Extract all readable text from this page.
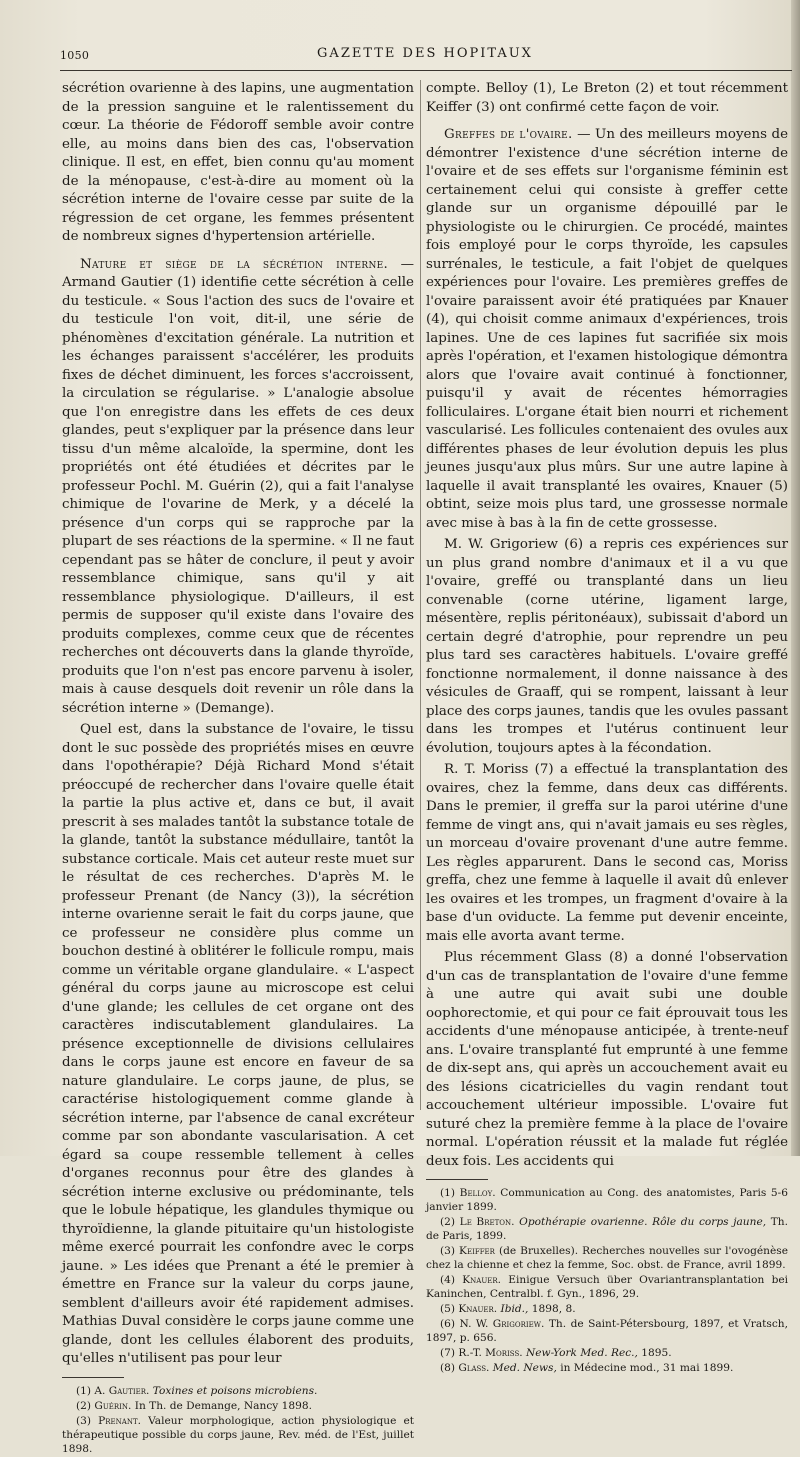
1050	GAZETTE DES HOPITAUX

sécrétion ovarienne à des lapins, une augmentation de la pression sanguine et le ralentissement du cœur. La théorie de Fédoroff semble avoir contre elle, au moins dans bien des cas, l'observation clinique. Il est, en effet, bien connu qu'au moment de la ménopause, c'est-à-dire au moment où la sécrétion interne de l'ovaire cesse par suite de la régression de cet organe, les femmes présentent de nombreux signes d'hypertension artérielle.

Nature et siège de la sécrétion interne. — Armand Gautier (1) identifie cette sécrétion à celle du testicule. « Sous l'action des sucs de l'ovaire et du testicule l'on voit, dit-il, une série de phénomènes d'excitation générale. La nutrition et les échanges paraissent s'accélérer, les produits fixes de déchet diminuent, les forces s'accroissent, la circulation se régularise. » L'analogie absolue que l'on enregistre dans les effets de ces deux glandes, peut s'expliquer par la présence dans leur tissu d'un même alcaloïde, la spermine, dont les propriétés ont été étudiées et décrites par le professeur Pochl. M. Guérin (2), qui a fait l'analyse chimique de l'ovarine de Merk, y a décelé la présence d'un corps qui se rapproche par la plupart de ses réactions de la spermine. « Il ne faut cependant pas se hâter de conclure, il peut y avoir ressemblance chimique, sans qu'il y ait ressemblance physiologique. D'ailleurs, il est permis de supposer qu'il existe dans l'ovaire des produits complexes, comme ceux que de récentes recherches ont découverts dans la glande thyroïde, produits que l'on n'est pas encore parvenu à isoler, mais à cause desquels doit revenir un rôle dans la sécrétion interne » (Demange).

Quel est, dans la substance de l'ovaire, le tissu dont le suc possède des propriétés mises en œuvre dans l'opothérapie? Déjà Richard Mond s'était préoccupé de rechercher dans l'ovaire quelle était la partie la plus active et, dans ce but, il avait prescrit à ses malades tantôt la substance totale de la glande, tantôt la substance médullaire, tantôt la substance corticale. Mais cet auteur reste muet sur le résultat de ces recherches. D'après M. le professeur Prenant (de Nancy (3)), la sécrétion interne ovarienne serait le fait du corps jaune, que ce professeur ne considère plus comme un bouchon destiné à oblitérer le follicule rompu, mais comme un véritable organe glandulaire. « L'aspect général du corps jaune au microscope est celui d'une glande; les cellules de cet organe ont des caractères indiscutablement glandulaires. La présence exceptionnelle de divisions cellulaires dans le corps jaune est encore en faveur de sa nature glandulaire. Le corps jaune, de plus, se caractérise histologiquement comme glande à sécrétion interne, par l'absence de canal excréteur comme par son abondante vascularisation. A cet égard sa coupe ressemble tellement à celles d'organes reconnus pour être des glandes à sécrétion interne exclusive ou prédominante, tels que le lobule hépatique, les glandules thymique ou thyroïdienne, la glande pituitaire qu'un histologiste même exercé pourrait les confondre avec le corps jaune. » Les idées que Prenant a été le premier à émettre en France sur la valeur du corps jaune, semblent d'ailleurs avoir été rapidement admises. Mathias Duval considère le corps jaune comme une glande, dont les cellules élaborent des produits, qu'elles n'utilisent pas pour leur

(1) A. Gautier. Toxines et poisons microbiens.

(2) Guérin. In Th. de Demange, Nancy 1898.

(3) Prenant. Valeur morphologique, action physiologique et thérapeutique possible du corps jaune, Rev. méd. de l'Est, juillet 1898.

compte. Belloy (1), Le Breton (2) et tout récemment Keiffer (3) ont confirmé cette façon de voir.

Greffes de l'ovaire. — Un des meilleurs moyens de démontrer l'existence d'une sécrétion interne de l'ovaire et de ses effets sur l'organisme féminin est certainement celui qui consiste à greffer cette glande sur un organisme dépouillé par le physiologiste ou le chirurgien. Ce procédé, maintes fois employé pour le corps thyroïde, les capsules surrénales, le testicule, a fait l'objet de quelques expériences pour l'ovaire. Les premières greffes de l'ovaire paraissent avoir été pratiquées par Knauer (4), qui choisit comme animaux d'expériences, trois lapines. Une de ces lapines fut sacrifiée six mois après l'opération, et l'examen histologique démontra alors que l'ovaire avait continué à fonctionner, puisqu'il y avait de récentes hémorragies folliculaires. L'organe était bien nourri et richement vascularisé. Les follicules contenaient des ovules aux différentes phases de leur évolution depuis les plus jeunes jusqu'aux plus mûrs. Sur une autre lapine à laquelle il avait transplanté les ovaires, Knauer (5) obtint, seize mois plus tard, une grossesse normale avec mise à bas à la fin de cette grossesse.

M. W. Grigoriew (6) a repris ces expériences sur un plus grand nombre d'animaux et il a vu que l'ovaire, greffé ou transplanté dans un lieu convenable (corne utérine, ligament large, mésentère, replis péritonéaux), subissait d'abord un certain degré d'atrophie, pour reprendre un peu plus tard ses caractères habituels. L'ovaire greffé fonctionne normalement, il donne naissance à des vésicules de Graaff, qui se rompent, laissant à leur place des corps jaunes, tandis que les ovules passant dans les trompes et l'utérus continuent leur évolution, toujours aptes à la fécondation.

R. T. Moriss (7) a effectué la transplantation des ovaires, chez la femme, dans deux cas différents. Dans le premier, il greffa sur la paroi utérine d'une femme de vingt ans, qui n'avait jamais eu ses règles, un morceau d'ovaire provenant d'une autre femme. Les règles apparurent. Dans le second cas, Moriss greffa, chez une femme à laquelle il avait dû enlever les ovaires et les trompes, un fragment d'ovaire à la base d'un oviducte. La femme put devenir enceinte, mais elle avorta avant terme.

Plus récemment Glass (8) a donné l'observation d'un cas de transplantation de l'ovaire d'une femme à une autre qui avait subi une double oophorectomie, et qui pour ce fait éprouvait tous les accidents d'une ménopause anticipée, à trente-neuf ans. L'ovaire transplanté fut emprunté à une femme de dix-sept ans, qui après un accouchement avait eu des lésions cicatricielles du vagin rendant tout accouchement ultérieur impossible. L'ovaire fut suturé chez la première femme à la place de l'ovaire normal. L'opération réussit et la malade fut réglée deux fois. Les accidents qui

(1) Belloy. Communication au Cong. des anatomistes, Paris 5-6 janvier 1899.

(2) Le Breton. Opothérapie ovarienne. Rôle du corps jaune, Th. de Paris, 1899.

(3) Keiffer (de Bruxelles). Recherches nouvelles sur l'ovogénèse chez la chienne et chez la femme, Soc. obst. de France, avril 1899.

(4) Knauer. Einigue Versuch über Ovariantransplantation bei Kaninchen, Centralbl. f. Gyn., 1896, 29.

(5) Knauer. Ibid., 1898, 8.

(6) N. W. Grigoriew. Th. de Saint-Pétersbourg, 1897, et Vratsch, 1897, p. 656.

(7) R.-T. Moriss. New-York Med. Rec., 1895.

(8) Glass. Med. News, in Médecine mod., 31 mai 1899.
